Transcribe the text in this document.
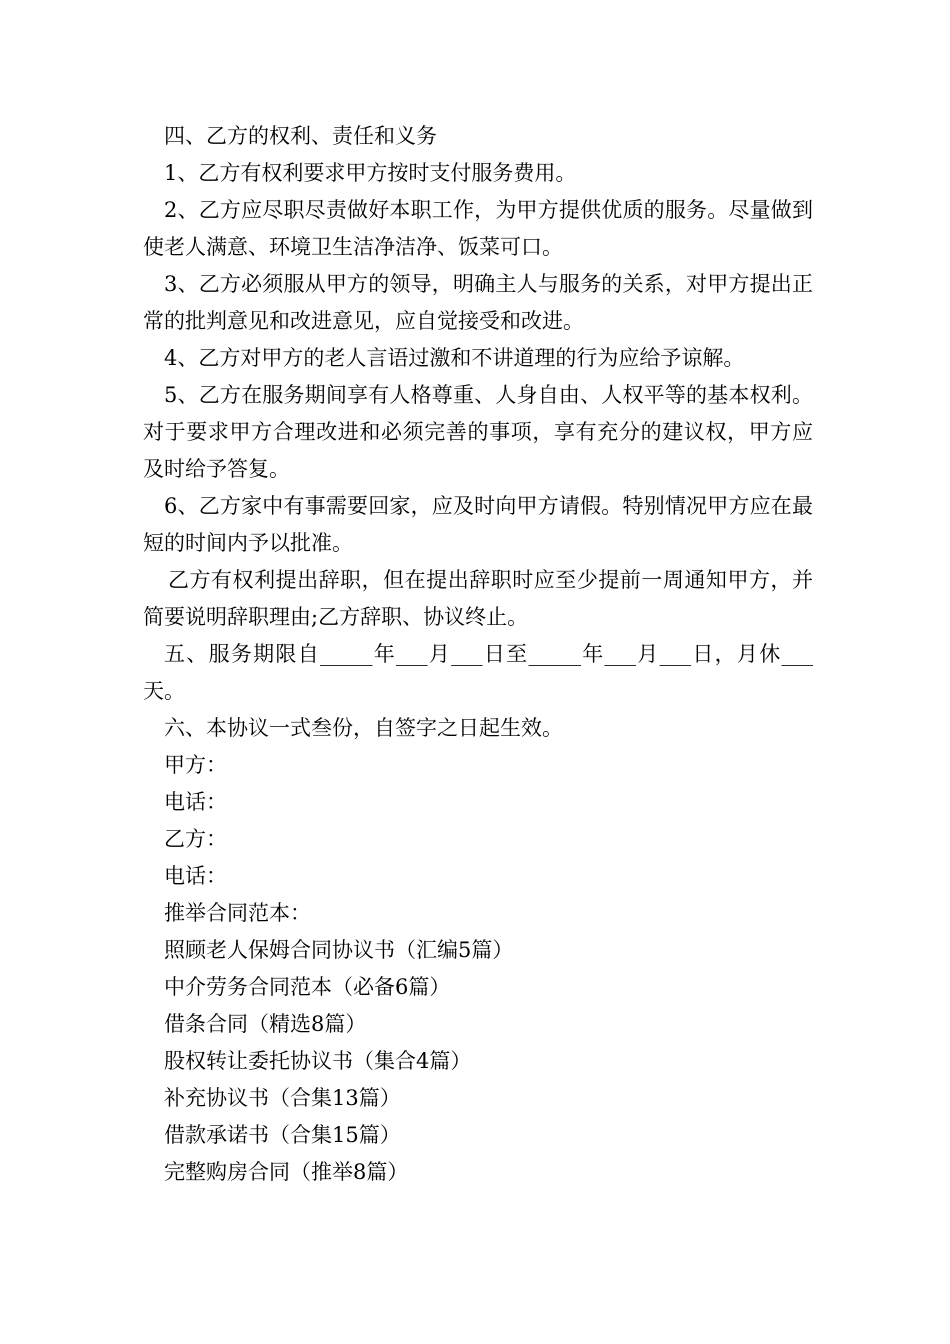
四、乙方的权利、责任和义务

1、乙方有权利要求甲方按时支付服务费用。

2、乙方应尽职尽责做好本职工作，为甲方提供优质的服务。尽量做到使老人满意、环境卫生洁净洁净、饭菜可口。

3、乙方必须服从甲方的领导，明确主人与服务的关系，对甲方提出正常的批判意见和改进意见，应自觉接受和改进。

4、乙方对甲方的老人言语过激和不讲道理的行为应给予谅解。

5、乙方在服务期间享有人格尊重、人身自由、人权平等的基本权利。对于要求甲方合理改进和必须完善的事项，享有充分的建议权，甲方应及时给予答复。

6、乙方家中有事需要回家，应及时向甲方请假。特别情况甲方应在最短的时间内予以批准。

乙方有权利提出辞职，但在提出辞职时应至少提前一周通知甲方，并简要说明辞职理由;乙方辞职、协议终止。

五、服务期限自_____年___月___日至_____年___月___日，月休___天。

六、本协议一式叁份，自签字之日起生效。

甲方：

电话：

乙方：

电话：

推举合同范本：

照顾老人保姆合同协议书（汇编5篇）

中介劳务合同范本（必备6篇）

借条合同（精选8篇）

股权转让委托协议书（集合4篇）

补充协议书（合集13篇）

借款承诺书（合集15篇）

完整购房合同（推举8篇）
